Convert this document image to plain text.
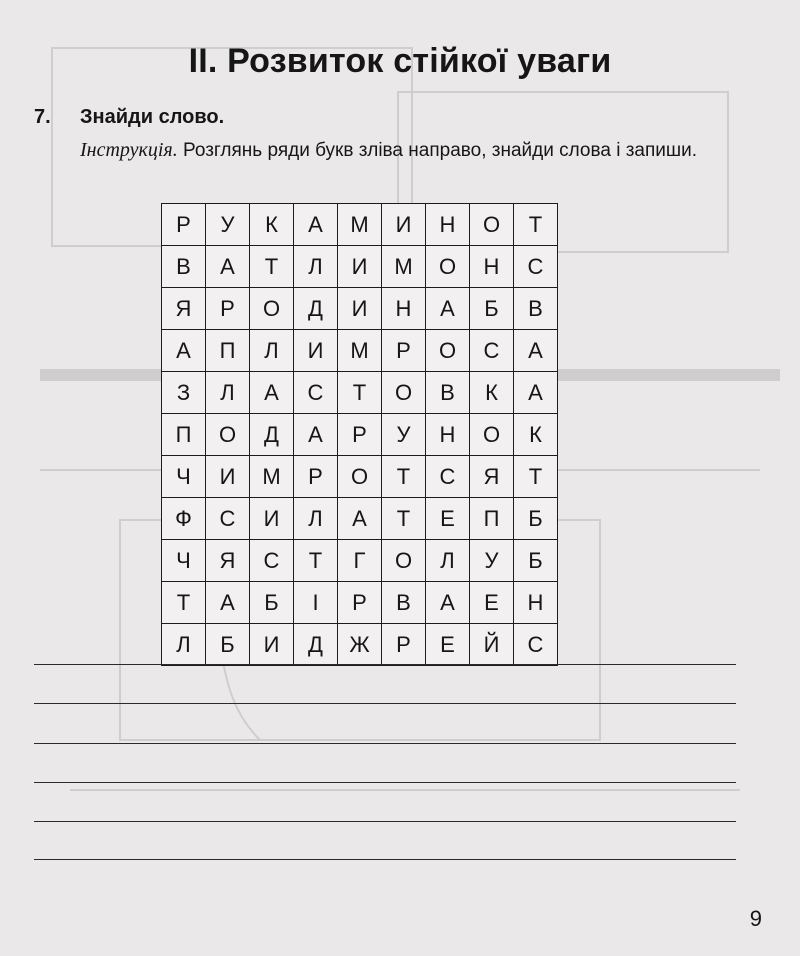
ІІ. Розвиток стійкої уваги
7. Знайди слово.
Інструкція. Розглянь ряди букв зліва направо, знайди слова і запиши.
Р	У	К	А	М	И	Н	О	Т
В	А	Т	Л	И	М	О	Н	С
Я	Р	О	Д	И	Н	А	Б	В
А	П	Л	И	М	Р	О	С	А
З	Л	А	С	Т	О	В	К	А
П	О	Д	А	Р	У	Н	О	К
Ч	И	М	Р	О	Т	С	Я	Т
Ф	С	И	Л	А	Т	Е	П	Б
Ч	Я	С	Т	Г	О	Л	У	Б
Т	А	Б	І	Р	В	А	Е	Н
Л	Б	И	Д	Ж	Р	Е	Й	С
9
